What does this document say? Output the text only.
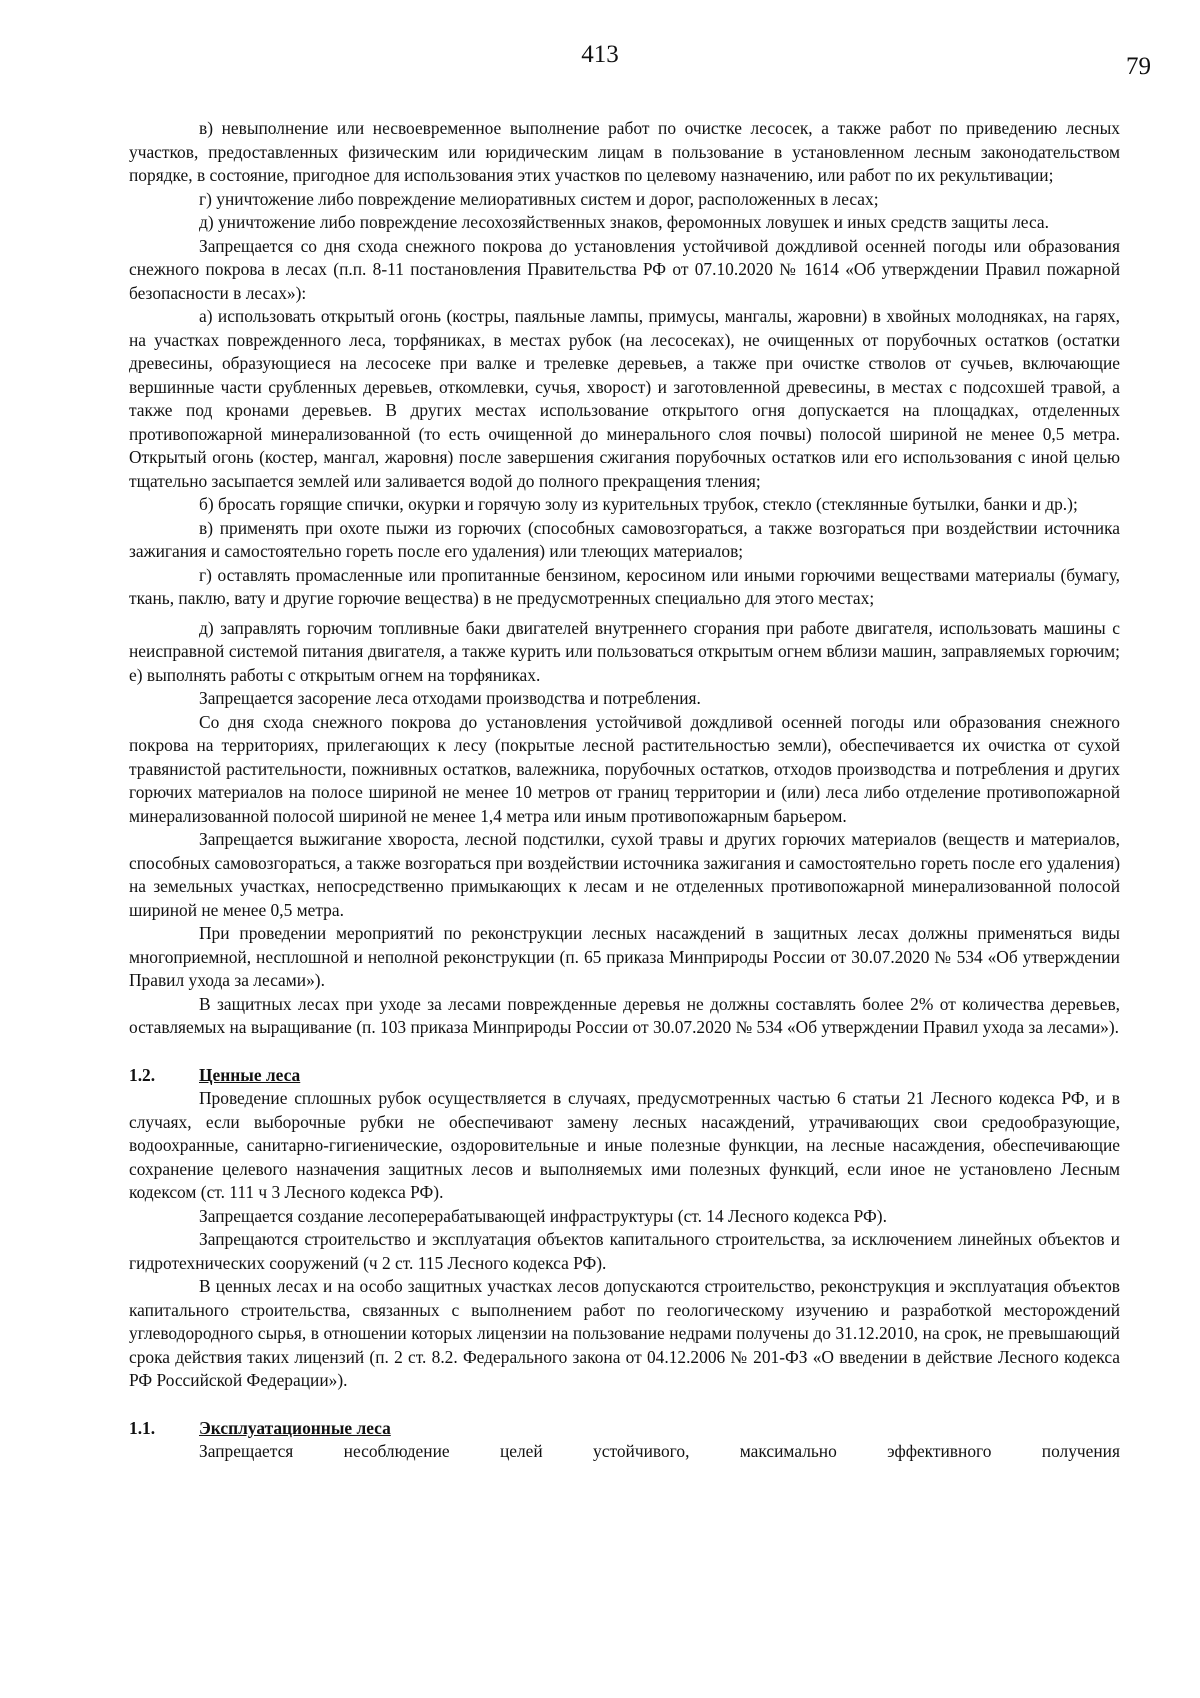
413	79

в) невыполнение или несвоевременное выполнение работ по очистке лесосек, а также работ по приведению лесных участков, предоставленных физическим или юридическим лицам в пользование в установленном лесным законодательством порядке, в состояние, пригодное для использования этих участков по целевому назначению, или работ по их рекультивации;

г) уничтожение либо повреждение мелиоративных систем и дорог, расположенных в лесах;

д) уничтожение либо повреждение лесохозяйственных знаков, феромонных ловушек и иных средств защиты леса.

Запрещается со дня схода снежного покрова до установления устойчивой дождливой осенней погоды или образования снежного покрова в лесах (п.п. 8-11 постановления Правительства РФ от 07.10.2020 № 1614 «Об утверждении Правил пожарной безопасности в лесах»):

а) использовать открытый огонь (костры, паяльные лампы, примусы, мангалы, жаровни) в хвойных молодняках, на гарях, на участках поврежденного леса, торфяниках, в местах рубок (на лесосеках), не очищенных от порубочных остатков (остатки древесины, образующиеся на лесосеке при валке и трелевке деревьев, а также при очистке стволов от сучьев, включающие вершинные части срубленных деревьев, откомлевки, сучья, хворост) и заготовленной древесины, в местах с подсохшей травой, а также под кронами деревьев. В других местах использование открытого огня допускается на площадках, отделенных противопожарной минерализованной (то есть очищенной до минерального слоя почвы) полосой шириной не менее 0,5 метра. Открытый огонь (костер, мангал, жаровня) после завершения сжигания порубочных остатков или его использования с иной целью тщательно засыпается землей или заливается водой до полного прекращения тления;

б) бросать горящие спички, окурки и горячую золу из курительных трубок, стекло (стеклянные бутылки, банки и др.);

в) применять при охоте пыжи из горючих (способных самовозгораться, а также возгораться при воздействии источника зажигания и самостоятельно гореть после его удаления) или тлеющих материалов;

г) оставлять промасленные или пропитанные бензином, керосином или иными горючими веществами материалы (бумагу, ткань, паклю, вату и другие горючие вещества) в не предусмотренных специально для этого местах;

д) заправлять горючим топливные баки двигателей внутреннего сгорания при работе двигателя, использовать машины с неисправной системой питания двигателя, а также курить или пользоваться открытым огнем вблизи машин, заправляемых горючим; е) выполнять работы с открытым огнем на торфяниках.

Запрещается засорение леса отходами производства и потребления.

Со дня схода снежного покрова до установления устойчивой дождливой осенней погоды или образования снежного покрова на территориях, прилегающих к лесу (покрытые лесной растительностью земли), обеспечивается их очистка от сухой травянистой растительности, пожнивных остатков, валежника, порубочных остатков, отходов производства и потребления и других горючих материалов на полосе шириной не менее 10 метров от границ территории и (или) леса либо отделение противопожарной минерализованной полосой шириной не менее 1,4 метра или иным противопожарным барьером.

Запрещается выжигание хвороста, лесной подстилки, сухой травы и других горючих материалов (веществ и материалов, способных самовозгораться, а также возгораться при воздействии источника зажигания и самостоятельно гореть после его удаления) на земельных участках, непосредственно примыкающих к лесам и не отделенных противопожарной минерализованной полосой шириной не менее 0,5 метра.

При проведении мероприятий по реконструкции лесных насаждений в защитных лесах должны применяться виды многоприемной, несплошной и неполной реконструкции (п. 65 приказа Минприроды России от 30.07.2020 № 534 «Об утверждении Правил ухода за лесами»).

В защитных лесах при уходе за лесами поврежденные деревья не должны составлять более 2% от количества деревьев, оставляемых на выращивание (п. 103 приказа Минприроды России от 30.07.2020 № 534 «Об утверждении Правил ухода за лесами»).

1.2.	Ценные леса

Проведение сплошных рубок осуществляется в случаях, предусмотренных частью 6 статьи 21 Лесного кодекса РФ, и в случаях, если выборочные рубки не обеспечивают замену лесных насаждений, утрачивающих свои средообразующие, водоохранные, санитарно-гигиенические, оздоровительные и иные полезные функции, на лесные насаждения, обеспечивающие сохранение целевого назначения защитных лесов и выполняемых ими полезных функций, если иное не установлено Лесным кодексом (ст. 111 ч 3 Лесного кодекса РФ).

Запрещается создание лесоперерабатывающей инфраструктуры (ст. 14 Лесного кодекса РФ).

Запрещаются строительство и эксплуатация объектов капитального строительства, за исключением линейных объектов и гидротехнических сооружений (ч 2 ст. 115 Лесного кодекса РФ).

В ценных лесах и на особо защитных участках лесов допускаются строительство, реконструкция и эксплуатация объектов капитального строительства, связанных с выполнением работ по геологическому изучению и разработкой месторождений углеводородного сырья, в отношении которых лицензии на пользование недрами получены до 31.12.2010, на срок, не превышающий срока действия таких лицензий (п. 2 ст. 8.2. Федерального закона от 04.12.2006 № 201-ФЗ «О введении в действие Лесного кодекса РФ Российской Федерации»).

1.1.	Эксплуатационные леса

Запрещается несоблюдение целей устойчивого, максимально эффективного получения
